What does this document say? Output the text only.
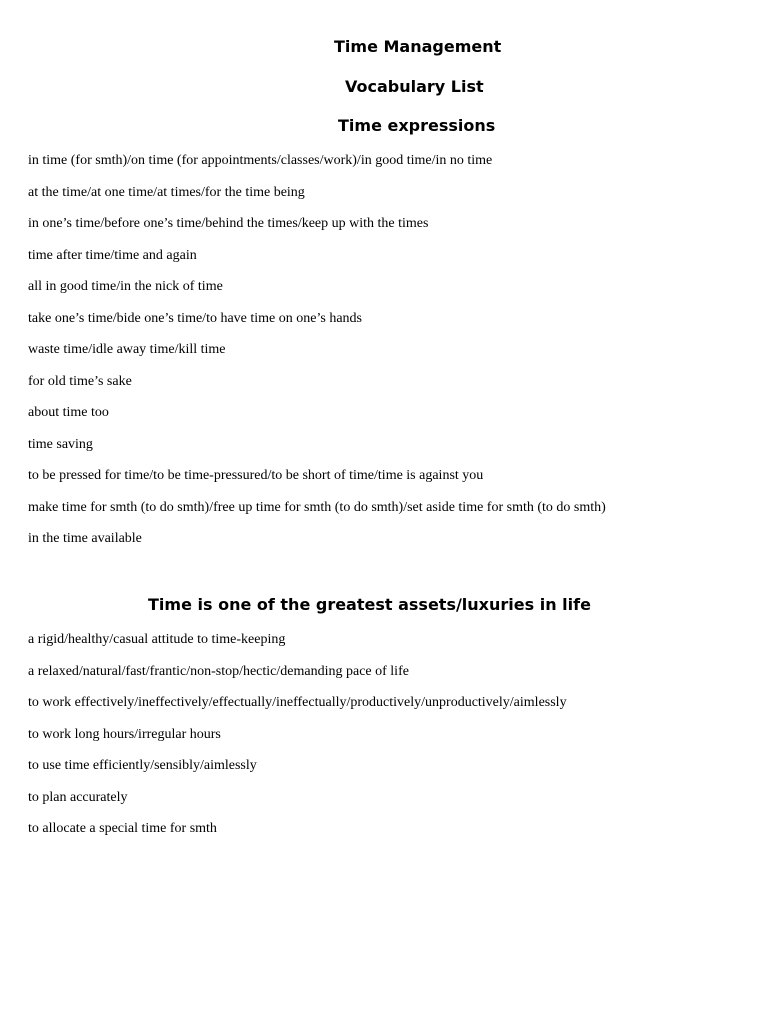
Time Management
Vocabulary List
Time expressions
in time (for smth)/on time (for appointments/classes/work)/in good time/in no time
at the time/at one time/at times/for the time being
in one’s time/before one’s time/behind the times/keep up with the times
time after time/time and again
all in good time/in the nick of time
take one’s time/bide one’s time/to have time on one’s hands
waste time/idle away time/kill time
for old time’s sake
about time too
time saving
to be pressed for time/to be time-pressured/to be short of time/time is against you
make time for smth (to do smth)/free up time for smth (to do smth)/set aside time for smth (to do smth)
in the time available
Time is one of the greatest assets/luxuries in life
a rigid/healthy/casual attitude to time-keeping
a relaxed/natural/fast/frantic/non-stop/hectic/demanding pace of life
to work effectively/ineffectively/effectually/ineffectually/productively/unproductively/aimlessly
to work long hours/irregular hours
to use time efficiently/sensibly/aimlessly
to plan accurately
to allocate a special time for smth
